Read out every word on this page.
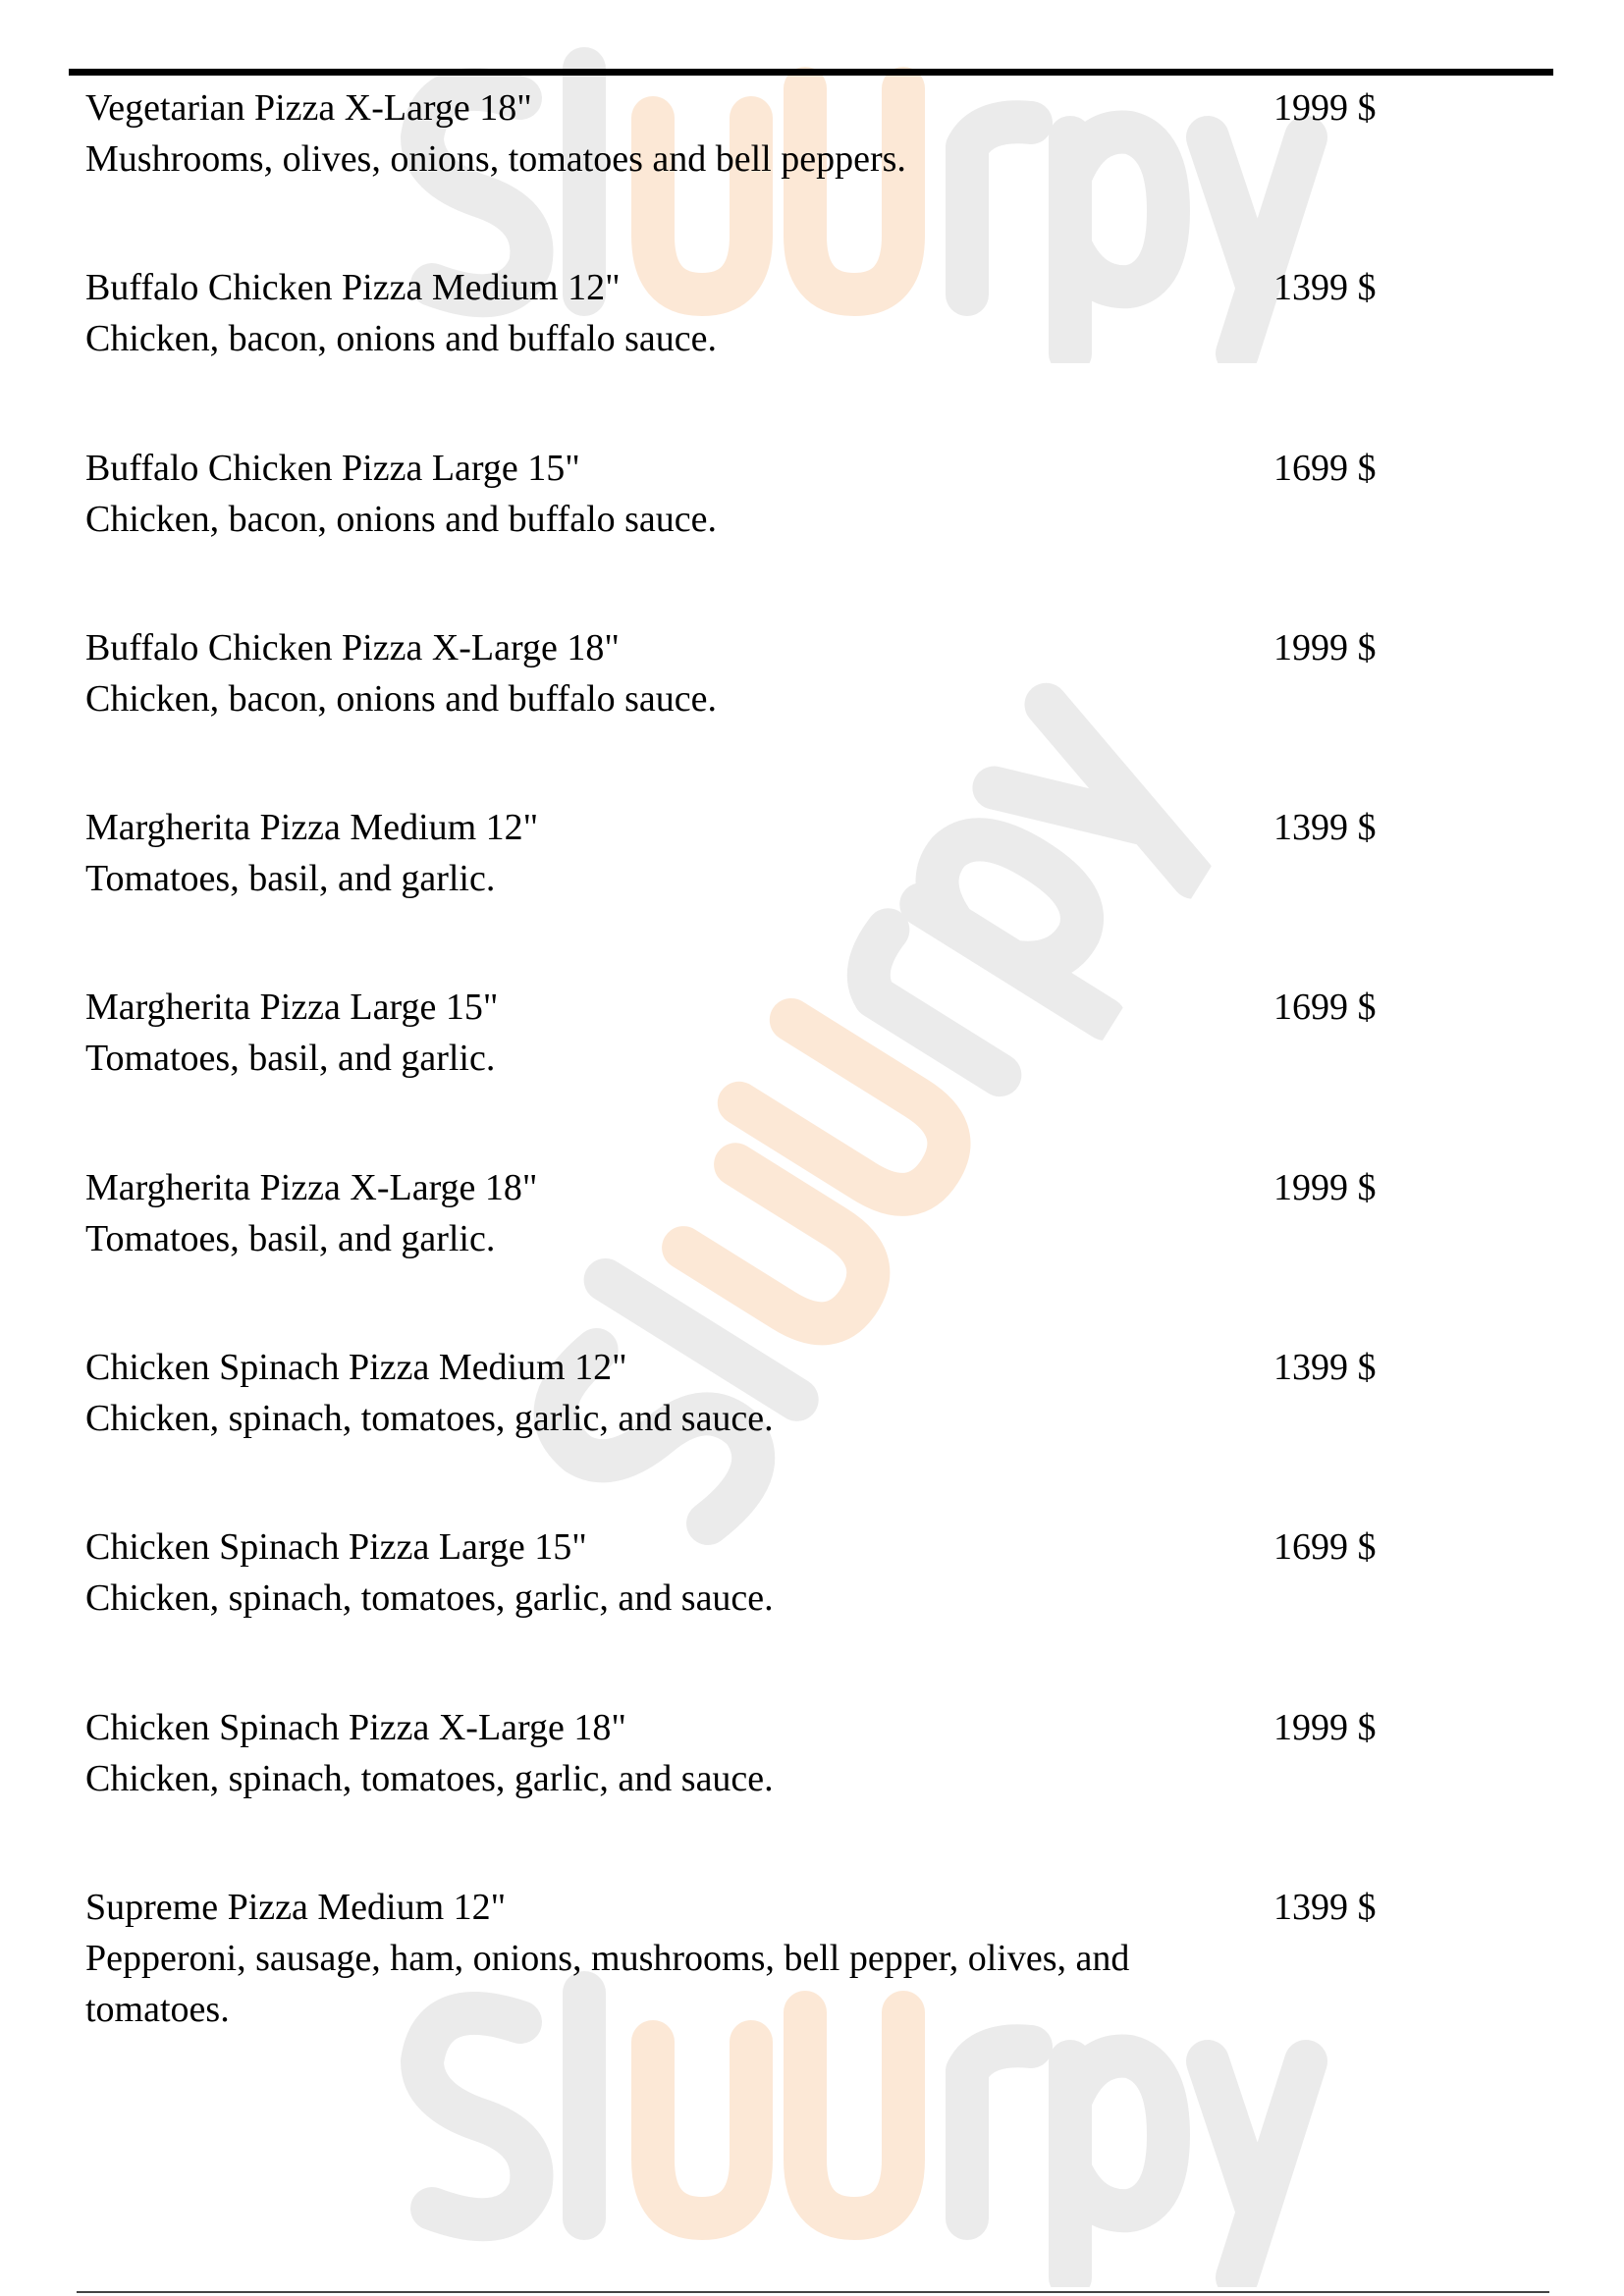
Vegetarian Pizza X-Large 18"
Mushrooms, olives, onions, tomatoes and bell peppers.
1999 $
Buffalo Chicken Pizza Medium 12"
Chicken, bacon, onions and buffalo sauce.
1399 $
Buffalo Chicken Pizza Large 15"
Chicken, bacon, onions and buffalo sauce.
1699 $
Buffalo Chicken Pizza X-Large 18"
Chicken, bacon, onions and buffalo sauce.
1999 $
Margherita Pizza Medium 12"
Tomatoes, basil, and garlic.
1399 $
Margherita Pizza Large 15"
Tomatoes, basil, and garlic.
1699 $
Margherita Pizza X-Large 18"
Tomatoes, basil, and garlic.
1999 $
Chicken Spinach Pizza Medium 12"
Chicken, spinach, tomatoes, garlic, and sauce.
1399 $
Chicken Spinach Pizza Large 15"
Chicken, spinach, tomatoes, garlic, and sauce.
1699 $
Chicken Spinach Pizza X-Large 18"
Chicken, spinach, tomatoes, garlic, and sauce.
1999 $
Supreme Pizza Medium 12"
Pepperoni, sausage, ham, onions, mushrooms, bell pepper, olives, and tomatoes.
1399 $
